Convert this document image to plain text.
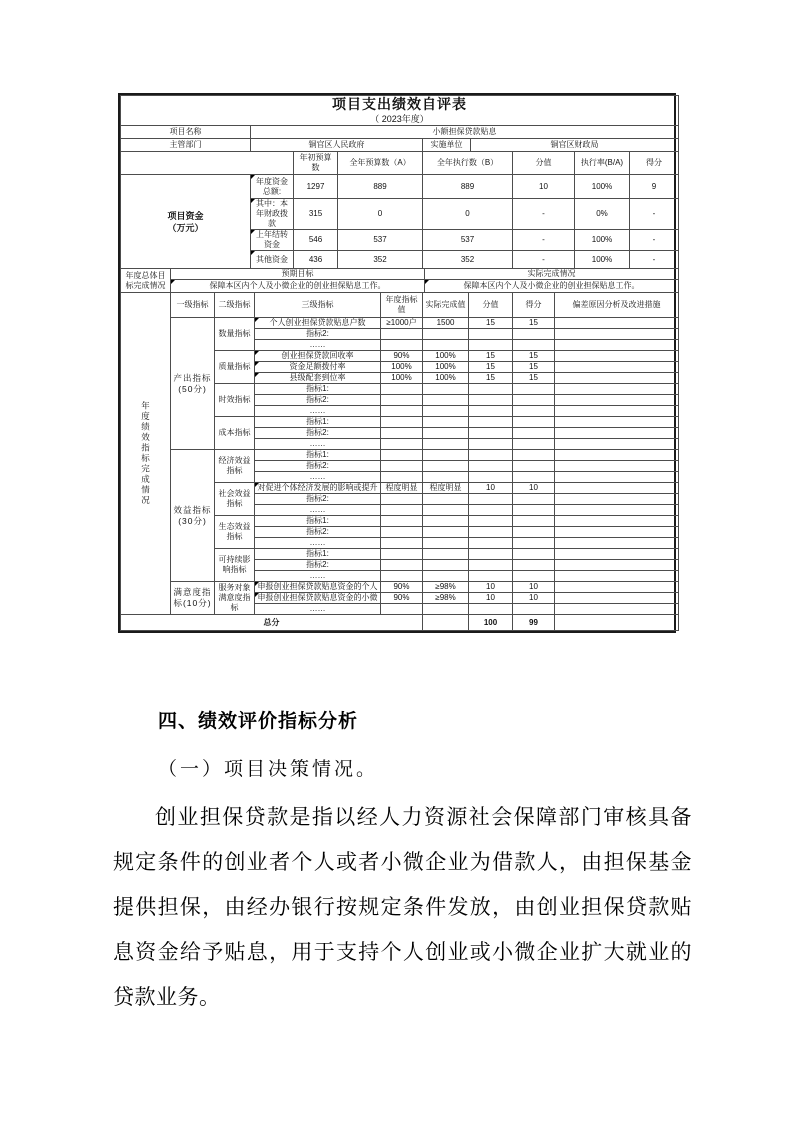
项目支出绩效自评表
（ 2023年度）			

项目名称	小额担保贷款贴息		
主管部门	铜官区人民政府	实施单位	铜官区财政局
		年初预算数	全年预算数（A）	全年执行数（B）	分值	执行率(B/A)	得分

项目资金
（万元）	年度资金总额:	1297	889	889	10	100%	9
	其中：本年财政拨款	315	0	0	-	0%	-
	上年结转资金	546	537	537	-	100%	-
	其他资金	436	352	352	-	100%	-
年度总体目标完成情况	预期目标	实际完成情况
	保障本区内个人及小微企业的创业担保贴息工作。	保障本区内个人及小微企业的创业担保贴息工作。
年度绩效指标完成情况	一级指标	二级指标	三级指标	年度指标值	实际完成值	分值	得分	偏差原因分析及改进措施
	产出指标(50分)	数量指标	个人创业担保贷款贴息户数	≥1000户	1500	15	15	
			指标2:					
			……					
		质量指标	创业担保贷款回收率	90%	100%	15	15	
			资金足额拨付率	100%	100%	15	15	
			县级配套到位率	100%	100%	15	15	
		时效指标	指标1:					
			指标2:					
			……					
		成本指标	指标1:					
			指标2:					
			……					
	效益指标(30分)	经济效益指标	指标1:					
			指标2:					
			……					
		社会效益指标	对促进个体经济发展的影响或提升	程度明显	程度明显	10	10	
			指标2:					
			……					
		生态效益指标	指标1:					
			指标2:					
			……					
		可持续影响指标	指标1:					
			指标2:					
			……					
	满意度指标(10分)	服务对象满意度指标	申报创业担保贷款贴息资金的个人	90%	≥98%	10	10	
			申报创业担保贷款贴息资金的小微	90%	≥98%	10	10	
			……					
总分						100	99	
四、绩效评价指标分析
（一）项目决策情况。

创业担保贷款是指以经人力资源社会保障部门审核具备规定条件的创业者个人或者小微企业为借款人，由担保基金提供担保，由经办银行按规定条件发放，由创业担保贷款贴息资金给予贴息，用于支持个人创业或小微企业扩大就业的贷款业务。
